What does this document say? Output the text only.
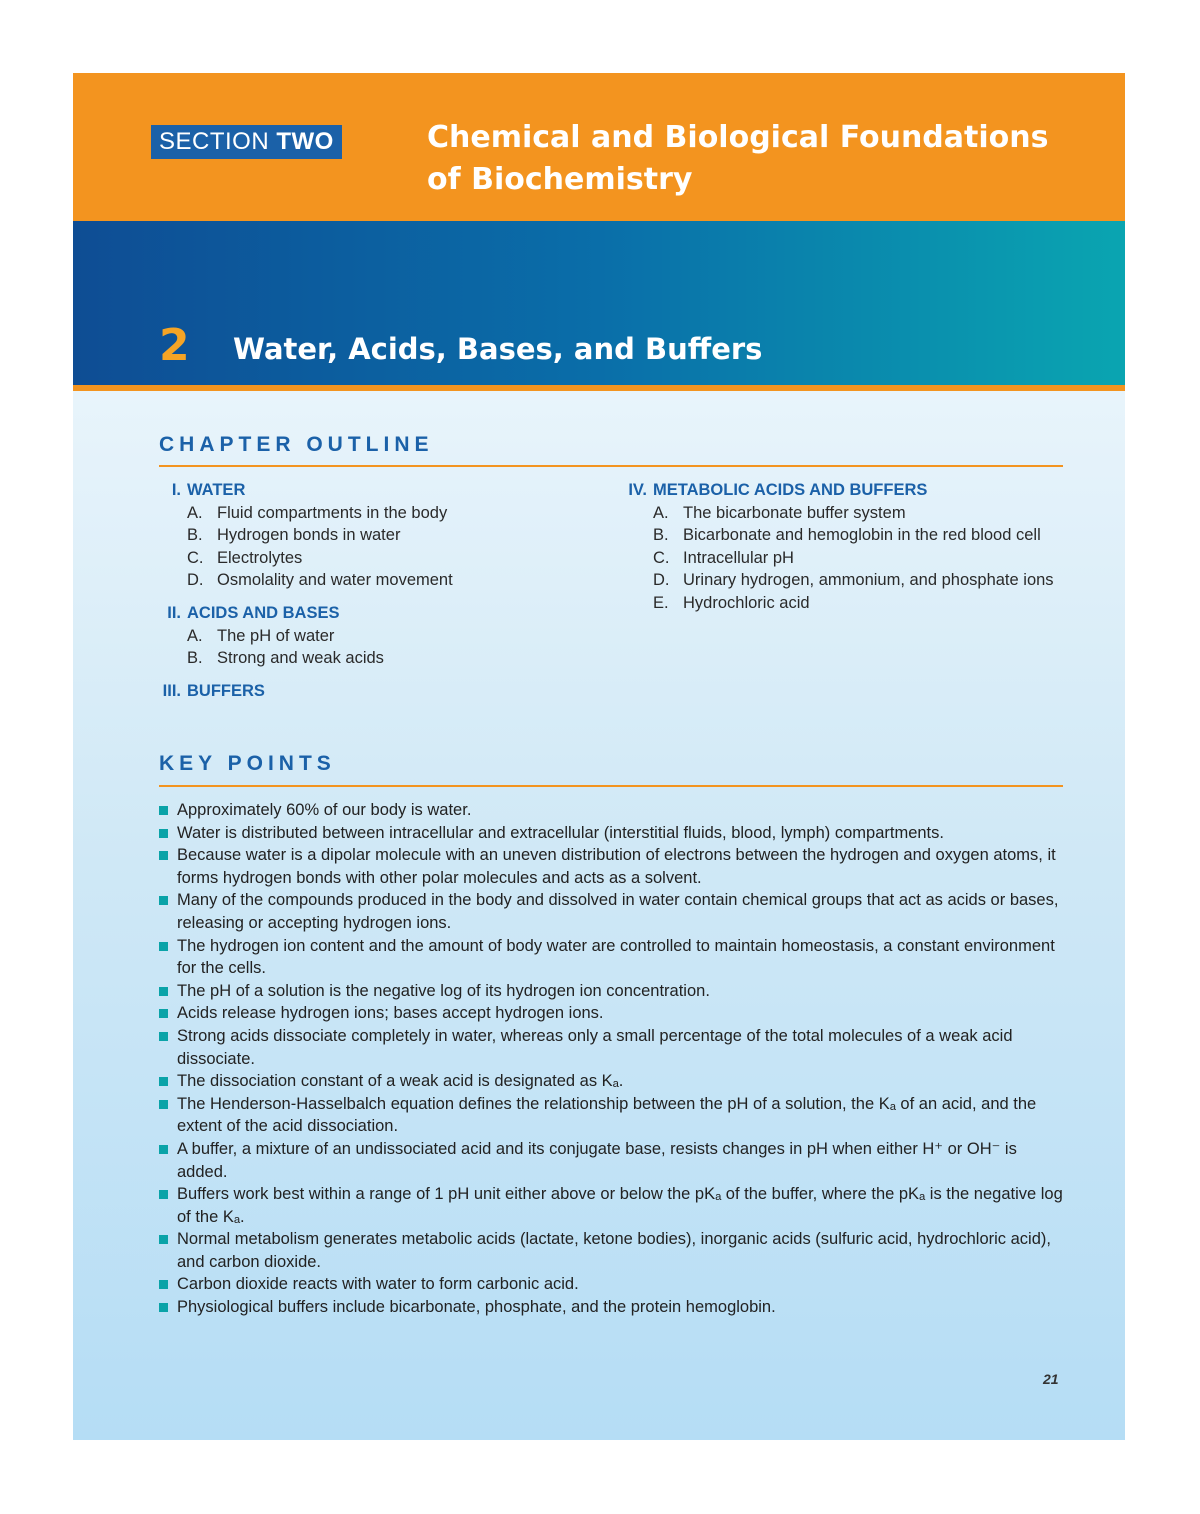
SECTION TWO	Chemical and Biological Foundations of Biochemistry
2 Water, Acids, Bases, and Buffers
CHAPTER OUTLINE
I. WATER
A. Fluid compartments in the body
B. Hydrogen bonds in water
C. Electrolytes
D. Osmolality and water movement
II. ACIDS AND BASES
A. The pH of water
B. Strong and weak acids
III. BUFFERS
IV. METABOLIC ACIDS AND BUFFERS
A. The bicarbonate buffer system
B. Bicarbonate and hemoglobin in the red blood cell
C. Intracellular pH
D. Urinary hydrogen, ammonium, and phosphate ions
E. Hydrochloric acid
KEY POINTS
Approximately 60% of our body is water.
Water is distributed between intracellular and extracellular (interstitial fluids, blood, lymph) compartments.
Because water is a dipolar molecule with an uneven distribution of electrons between the hydrogen and oxygen atoms, it forms hydrogen bonds with other polar molecules and acts as a solvent.
Many of the compounds produced in the body and dissolved in water contain chemical groups that act as acids or bases, releasing or accepting hydrogen ions.
The hydrogen ion content and the amount of body water are controlled to maintain homeostasis, a constant environment for the cells.
The pH of a solution is the negative log of its hydrogen ion concentration.
Acids release hydrogen ions; bases accept hydrogen ions.
Strong acids dissociate completely in water, whereas only a small percentage of the total molecules of a weak acid dissociate.
The dissociation constant of a weak acid is designated as Kₐ.
The Henderson-Hasselbalch equation defines the relationship between the pH of a solution, the Kₐ of an acid, and the extent of the acid dissociation.
A buffer, a mixture of an undissociated acid and its conjugate base, resists changes in pH when either H⁺ or OH⁻ is added.
Buffers work best within a range of 1 pH unit either above or below the pKₐ of the buffer, where the pKₐ is the negative log of the Kₐ.
Normal metabolism generates metabolic acids (lactate, ketone bodies), inorganic acids (sulfuric acid, hydrochloric acid), and carbon dioxide.
Carbon dioxide reacts with water to form carbonic acid.
Physiological buffers include bicarbonate, phosphate, and the protein hemoglobin.
21
